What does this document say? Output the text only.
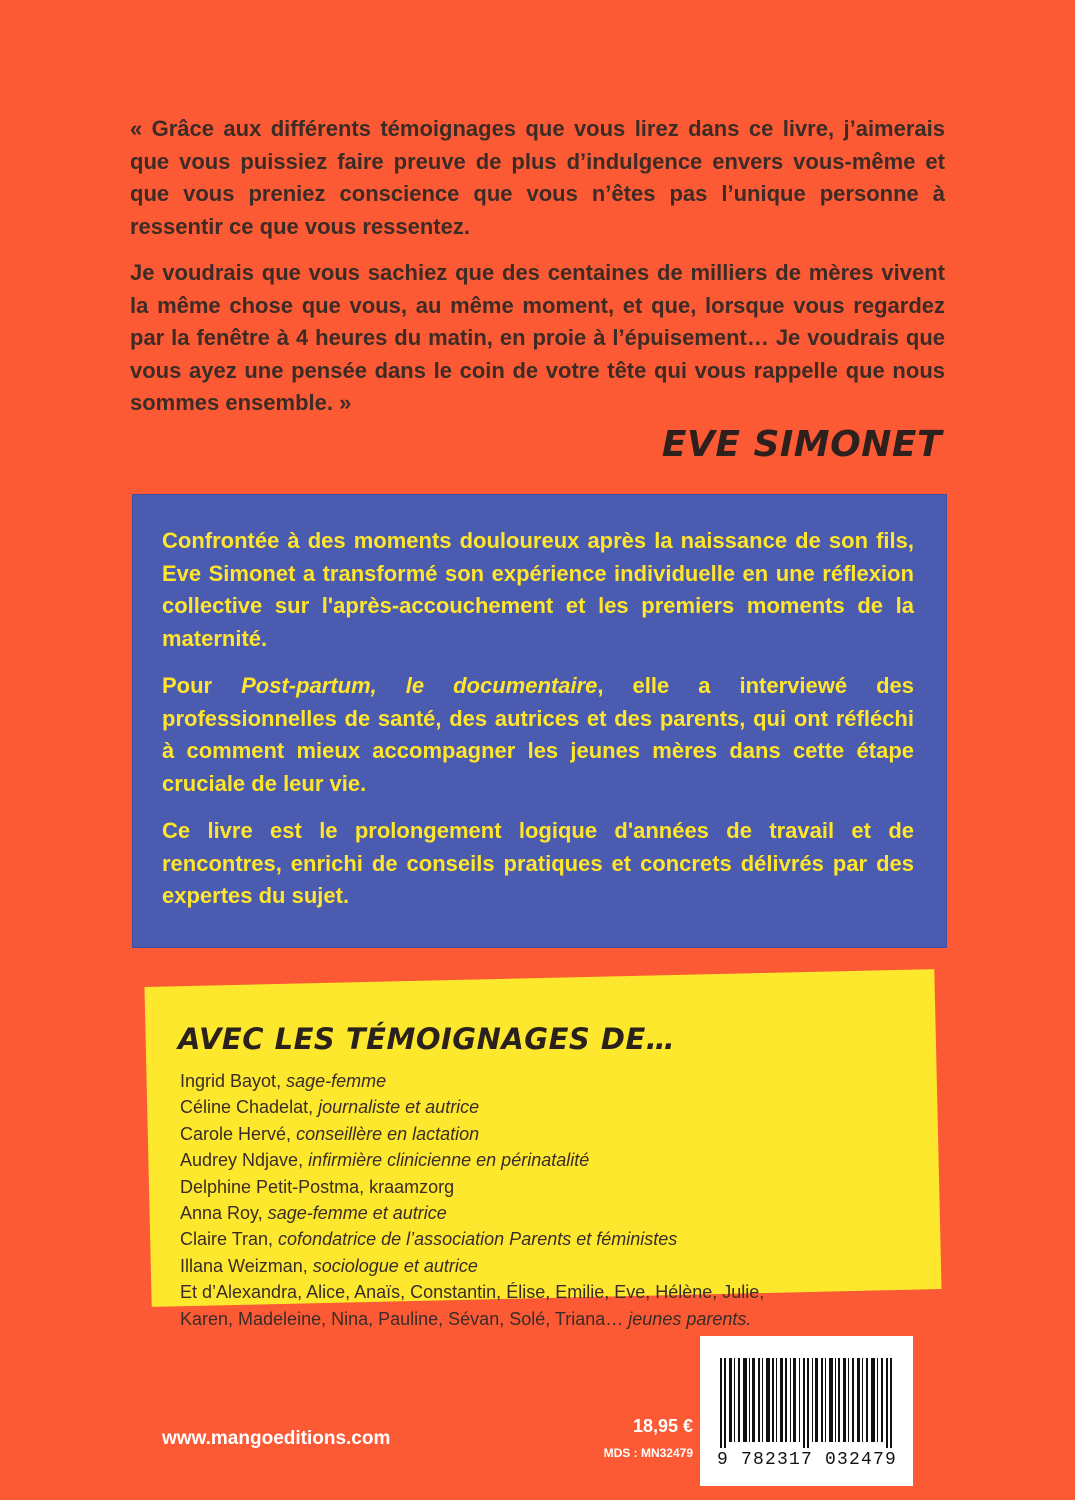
« Grâce aux différents témoignages que vous lirez dans ce livre, j’aimerais que vous puissiez faire preuve de plus d’indulgence envers vous-même et que vous preniez conscience que vous n’êtes pas l’unique personne à ressentir ce que vous ressentez.

Je voudrais que vous sachiez que des centaines de milliers de mères vivent la même chose que vous, au même moment, et que, lorsque vous regardez par la fenêtre à 4 heures du matin, en proie à l’épuisement… Je voudrais que vous ayez une pensée dans le coin de votre tête qui vous rappelle que nous sommes ensemble. »

EVE SIMONET

Confrontée à des moments douloureux après la naissance de son fils, Eve Simonet a transformé son expérience individuelle en une réflexion collective sur l'après-accouchement et les premiers moments de la maternité.

Pour Post-partum, le documentaire, elle a interviewé des professionnelles de santé, des autrices et des parents, qui ont réfléchi à comment mieux accompagner les jeunes mères dans cette étape cruciale de leur vie.

Ce livre est le prolongement logique d'années de travail et de rencontres, enrichi de conseils pratiques et concrets délivrés par des expertes du sujet.

AVEC LES TÉMOIGNAGES DE…
Ingrid Bayot, sage-femme
Céline Chadelat, journaliste et autrice
Carole Hervé, conseillère en lactation
Audrey Ndjave, infirmière clinicienne en périnatalité
Delphine Petit-Postma, kraamzorg
Anna Roy, sage-femme et autrice
Claire Tran, cofondatrice de l’association Parents et féministes
Illana Weizman, sociologue et autrice
Et d’Alexandra, Alice, Anaïs, Constantin, Élise, Emilie, Eve, Hélène, Julie,
Karen, Madeleine, Nina, Pauline, Sévan, Solé, Triana… jeunes parents.
www.mangoeditions.com
18,95 €
MDS : MN32479 9 782317 032479
